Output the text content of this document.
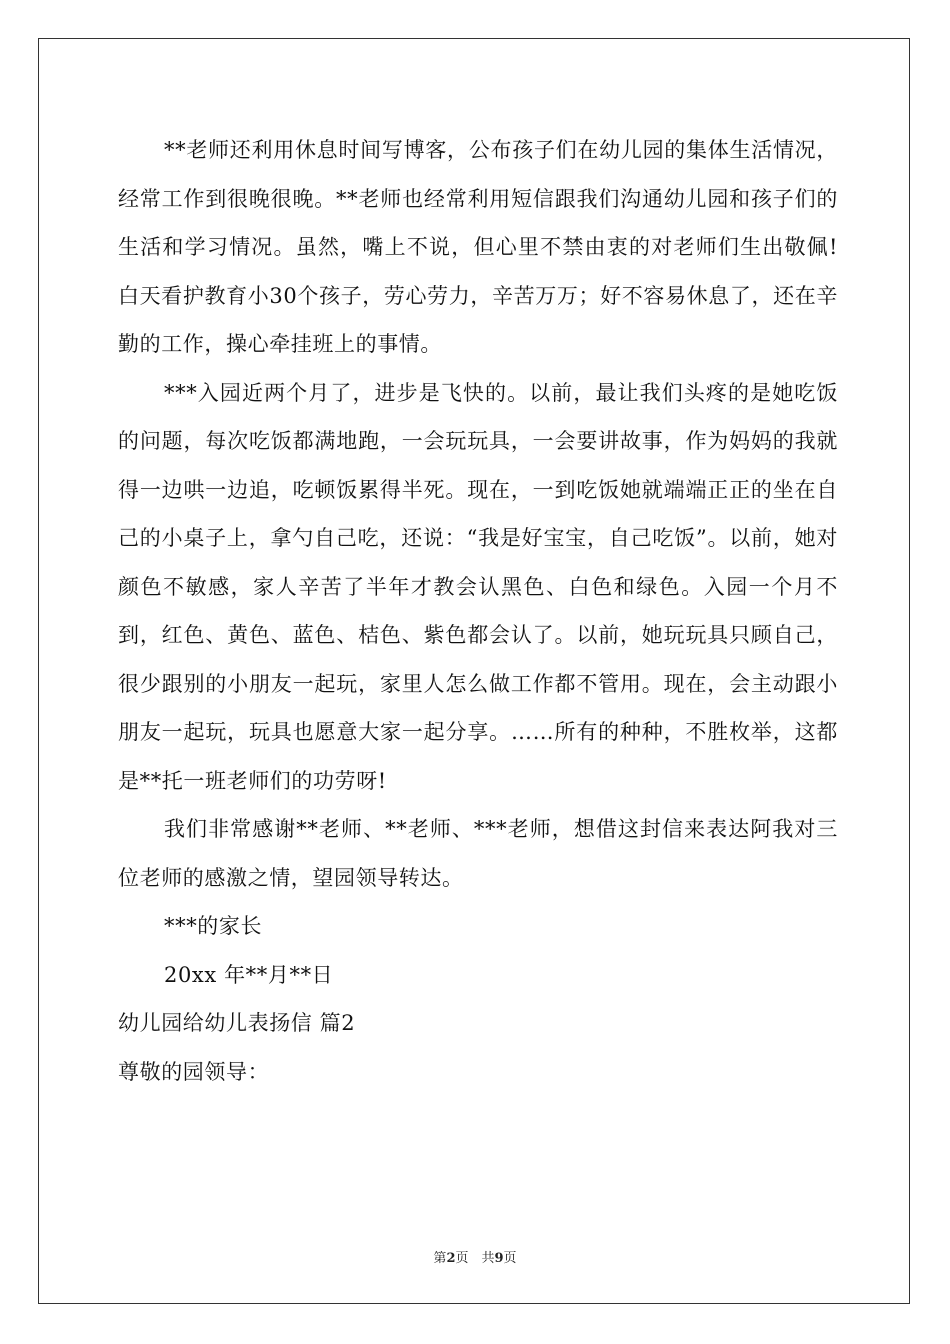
**老师还利用休息时间写博客，公布孩子们在幼儿园的集体生活情况，经常工作到很晚很晚。**老师也经常利用短信跟我们沟通幼儿园和孩子们的生活和学习情况。虽然，嘴上不说，但心里不禁由衷的对老师们生出敬佩!白天看护教育小30个孩子，劳心劳力，辛苦万万；好不容易休息了，还在辛勤的工作，操心牵挂班上的事情。

***入园近两个月了，进步是飞快的。以前，最让我们头疼的是她吃饭的问题，每次吃饭都满地跑，一会玩玩具，一会要讲故事，作为妈妈的我就得一边哄一边追，吃顿饭累得半死。现在，一到吃饭她就端端正正的坐在自己的小桌子上，拿勺自己吃，还说：“我是好宝宝，自己吃饭”。以前，她对颜色不敏感，家人辛苦了半年才教会认黑色、白色和绿色。入园一个月不到，红色、黄色、蓝色、桔色、紫色都会认了。以前，她玩玩具只顾自己，很少跟别的小朋友一起玩，家里人怎么做工作都不管用。现在，会主动跟小朋友一起玩，玩具也愿意大家一起分享。……所有的种种，不胜枚举，这都是**托一班老师们的功劳呀!

我们非常感谢**老师、**老师、***老师，想借这封信来表达阿我对三位老师的感激之情，望园领导转达。

***的家长

20xx 年**月**日

幼儿园给幼儿表扬信 篇2

尊敬的园领导：

第2页　共9页
